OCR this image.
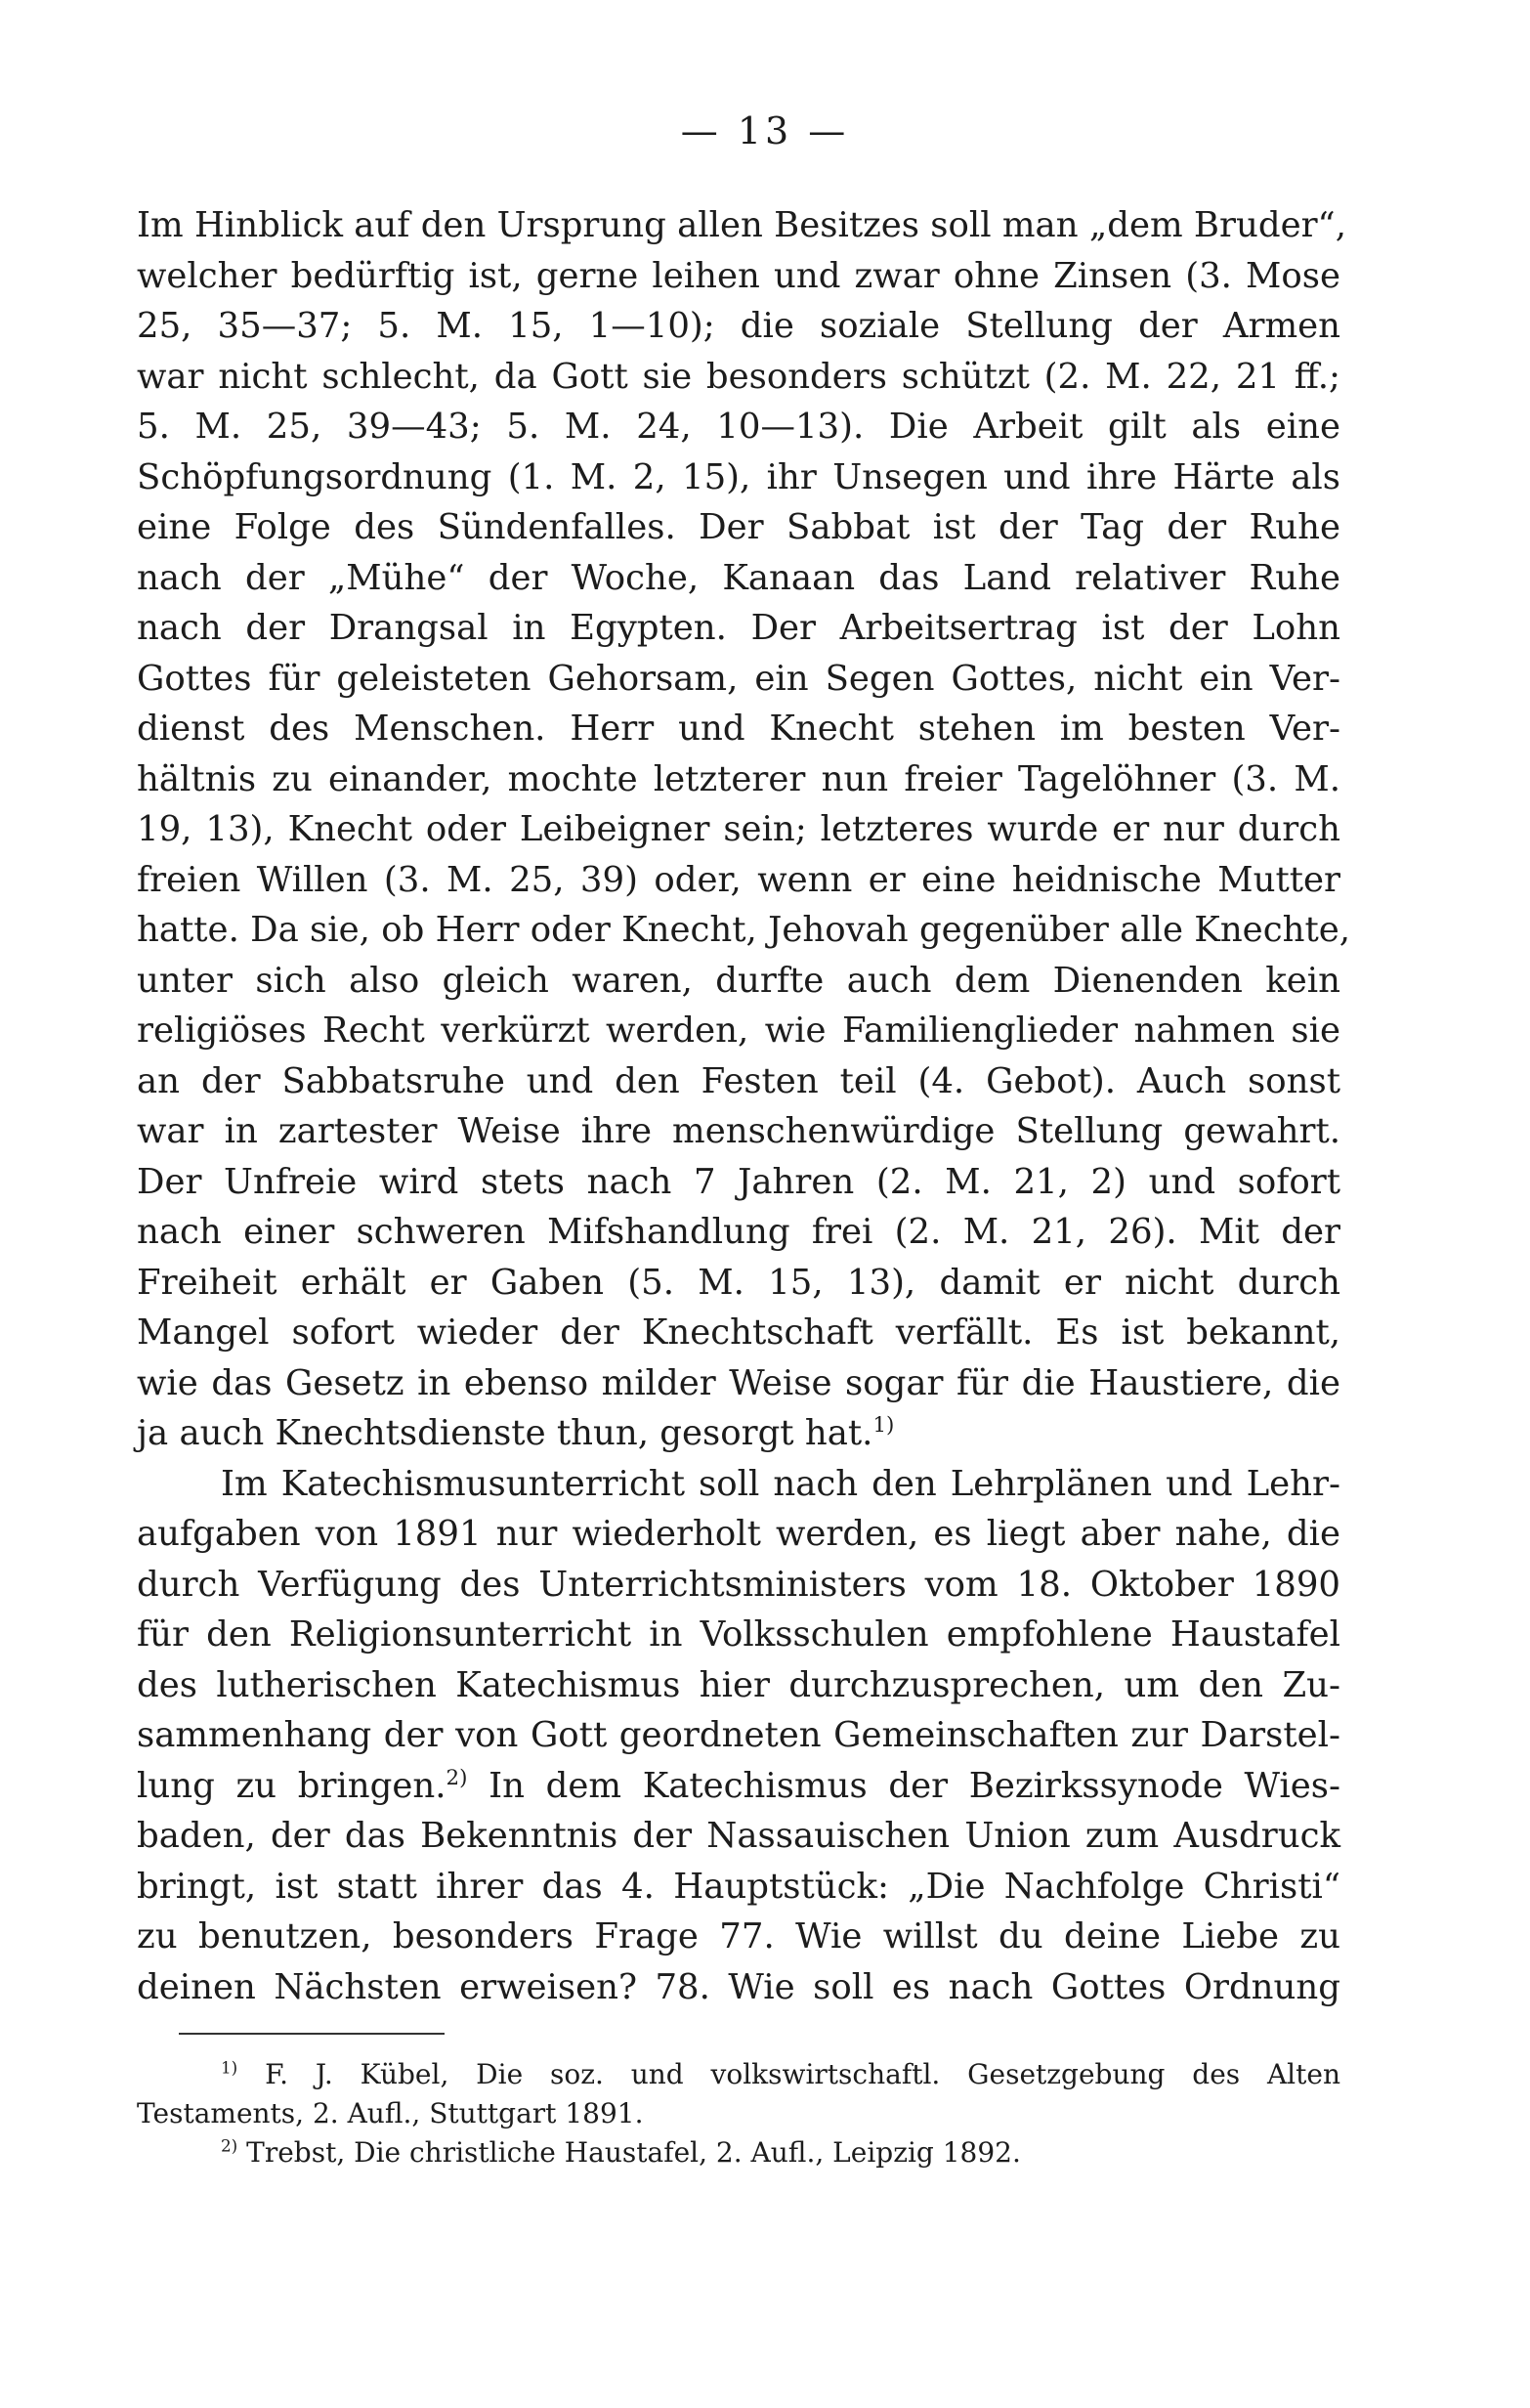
— 13 —
Im Hinblick auf den Ursprung allen Besitzes soll man „dem Bruder“,
welcher bedürftig ist, gerne leihen und zwar ohne Zinsen (3. Mose
25, 35—37; 5. M. 15, 1—10); die soziale Stellung der Armen
war nicht schlecht, da Gott sie besonders schützt (2. M. 22, 21 ff.;
5. M. 25, 39—43; 5. M. 24, 10—13). Die Arbeit gilt als eine
Schöpfungsordnung (1. M. 2, 15), ihr Unsegen und ihre Härte als
eine Folge des Sündenfalles. Der Sabbat ist der Tag der Ruhe
nach der „Mühe“ der Woche, Kanaan das Land relativer Ruhe
nach der Drangsal in Egypten. Der Arbeitsertrag ist der Lohn
Gottes für geleisteten Gehorsam, ein Segen Gottes, nicht ein Ver-
dienst des Menschen. Herr und Knecht stehen im besten Ver-
hältnis zu einander, mochte letzterer nun freier Tagelöhner (3. M.
19, 13), Knecht oder Leibeigner sein; letzteres wurde er nur durch
freien Willen (3. M. 25, 39) oder, wenn er eine heidnische Mutter
hatte. Da sie, ob Herr oder Knecht, Jehovah gegenüber alle Knechte,
unter sich also gleich waren, durfte auch dem Dienenden kein
religiöses Recht verkürzt werden, wie Familienglieder nahmen sie
an der Sabbatsruhe und den Festen teil (4. Gebot). Auch sonst
war in zartester Weise ihre menschenwürdige Stellung gewahrt.
Der Unfreie wird stets nach 7 Jahren (2. M. 21, 2) und sofort
nach einer schweren Mifshandlung frei (2. M. 21, 26). Mit der
Freiheit erhält er Gaben (5. M. 15, 13), damit er nicht durch
Mangel sofort wieder der Knechtschaft verfällt. Es ist bekannt,
wie das Gesetz in ebenso milder Weise sogar für die Haustiere, die
ja auch Knechtsdienste thun, gesorgt hat.$^{1)}$
Im Katechismusunterricht soll nach den Lehrplänen und Lehr-
aufgaben von 1891 nur wiederholt werden, es liegt aber nahe, die
durch Verfügung des Unterrichtsministers vom 18. Oktober 1890
für den Religionsunterricht in Volksschulen empfohlene Haustafel
des lutherischen Katechismus hier durchzusprechen, um den Zu-
sammenhang der von Gott geordneten Gemeinschaften zur Darstel-
lung zu bringen.$^{2)}$ In dem Katechismus der Bezirkssynode Wies-
baden, der das Bekenntnis der Nassauischen Union zum Ausdruck
bringt, ist statt ihrer das 4. Hauptstück: „Die Nachfolge Christi“
zu benutzen, besonders Frage 77. Wie willst du deine Liebe zu
deinen Nächsten erweisen? 78. Wie soll es nach Gottes Ordnung
$^{1)}$ F. J. Kübel, Die soz. und volkswirtschaftl. Gesetzgebung des Alten
Testaments, 2. Aufl., Stuttgart 1891.
$^{2)}$ Trebst, Die christliche Haustafel, 2. Aufl., Leipzig 1892.
